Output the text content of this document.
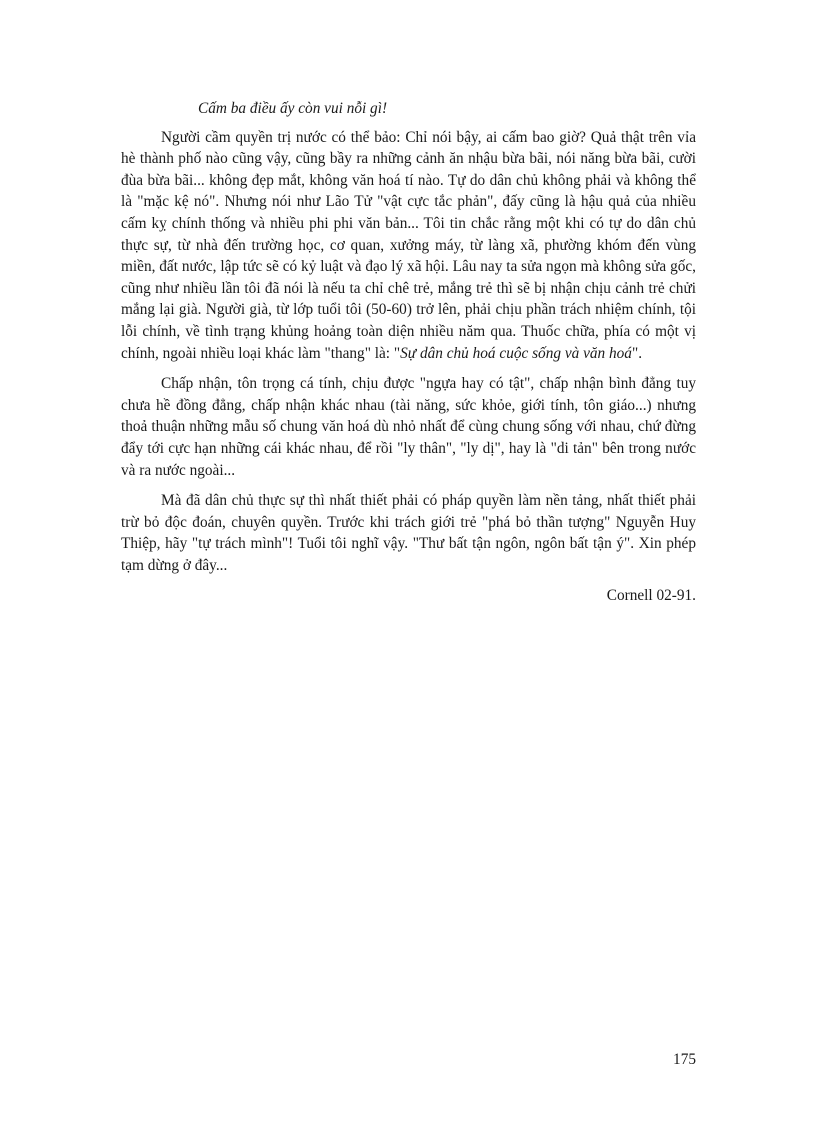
Cấm ba điều ấy còn vui nỗi gì!

Người cầm quyền trị nước có thể bảo: Chỉ nói bậy, ai cấm bao giờ? Quả thật trên vỉa hè thành phố nào cũng vậy, cũng bầy ra những cảnh ăn nhậu bừa bãi, nói năng bừa bãi, cười đùa bừa bãi... không đẹp mắt, không văn hoá tí nào. Tự do dân chủ không phải và không thể là "mặc kệ nó". Nhưng nói như Lão Tử "vật cực tắc phản", đấy cũng là hậu quả của nhiều cấm kỵ chính thống và nhiều phi phi văn bản... Tôi tin chắc rằng một khi có tự do dân chủ thực sự, từ nhà đến trường học, cơ quan, xưởng máy, từ làng xã, phường khóm đến vùng miền, đất nước, lập tức sẽ có kỷ luật và đạo lý xã hội. Lâu nay ta sửa ngọn mà không sửa gốc, cũng như nhiều lần tôi đã nói là nếu ta chỉ chê trẻ, mắng trẻ thì sẽ bị nhận chịu cảnh trẻ chửi mắng lại già. Người già, từ lớp tuổi tôi (50-60) trở lên, phải chịu phần trách nhiệm chính, tội lỗi chính, về tình trạng khủng hoảng toàn diện nhiều năm qua. Thuốc chữa, phía có một vị chính, ngoài nhiều loại khác làm "thang" là: "Sự dân chủ hoá cuộc sống và văn hoá".

Chấp nhận, tôn trọng cá tính, chịu được "ngựa hay có tật", chấp nhận bình đẳng tuy chưa hề đồng đẳng, chấp nhận khác nhau (tài năng, sức khỏe, giới tính, tôn giáo...) nhưng thoả thuận những mẫu số chung văn hoá dù nhỏ nhất để cùng chung sống với nhau, chứ đừng đẩy tới cực hạn những cái khác nhau, để rồi "ly thân", "ly dị", hay là "di tản" bên trong nước và ra nước ngoài...

Mà đã dân chủ thực sự thì nhất thiết phải có pháp quyền làm nền tảng, nhất thiết phải trừ bỏ độc đoán, chuyên quyền. Trước khi trách giới trẻ "phá bỏ thần tượng" Nguyễn Huy Thiệp, hãy "tự trách mình"! Tuổi tôi nghĩ vậy. "Thư bất tận ngôn, ngôn bất tận ý". Xin phép tạm dừng ở đây...

Cornell 02-91.

175
